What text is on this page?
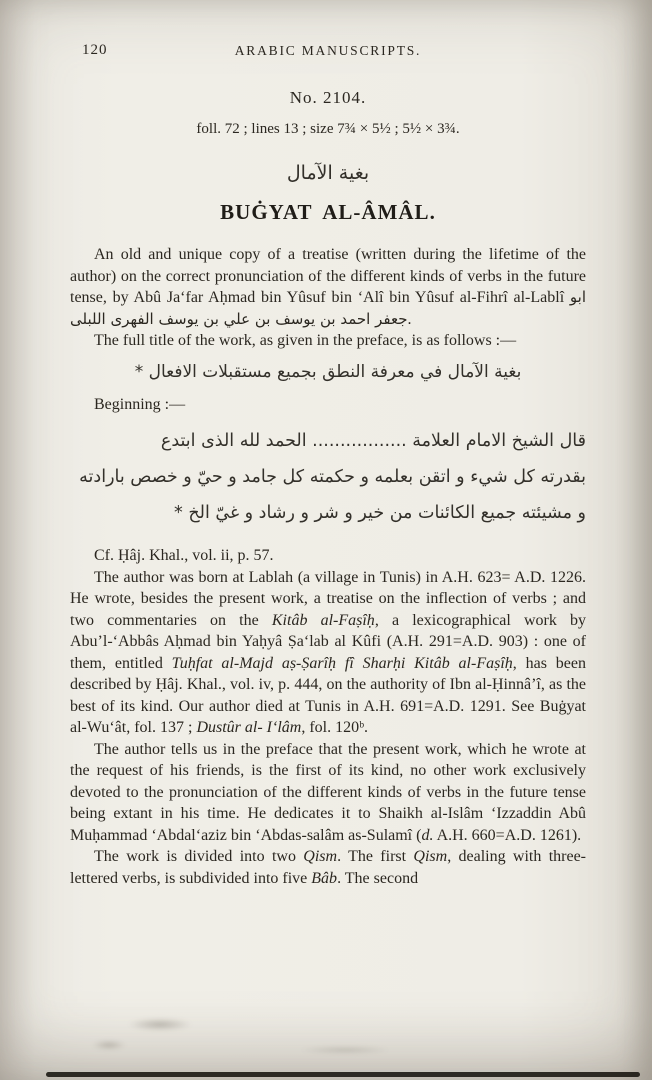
120	ARABIC MANUSCRIPTS.
No. 2104.
foll. 72 ; lines 13 ; size 7¾ × 5½ ; 5½ × 3¾.
بغية الآمال
BUĠYAT AL-ÂMÂL.

An old and unique copy of a treatise (written during the lifetime of the author) on the correct pronunciation of the different kinds of verbs in the future tense, by Abû Ja‘far Aḥmad bin Yûsuf bin ‘Alî bin Yûsuf al-Fihrî al-Lablî ابو جعفر احمد بن يوسف بن علي بن يوسف الفهرى اللبلى.

The full title of the work, as given in the preface, is as follows :—

بغية الآمال في معرفة النطق بجميع مستقبلات الافعال *

Beginning :—

قال الشيخ الامام العلامة ................. الحمد لله الذى ابتدع
بقدرته كل شيء و اتقن بعلمه و حكمته كل جامد و حيّ و خصص بارادته
و مشيئته جميع الكائنات من خير و شر و رشاد و غيّ الخ *

Cf. Ḥâj. Khal., vol. ii, p. 57.

The author was born at Lablah (a village in Tunis) in A.H. 623= A.D. 1226. He wrote, besides the present work, a treatise on the inflection of verbs ; and two commentaries on the Kitâb al-Faṣîḥ, a lexicographical work by Abu’l-‘Abbâs Aḥmad bin Yaḥyâ Ṣa‘lab al Kûfi (A.H. 291=A.D. 903) : one of them, entitled Tuḥfat al-Majd aṣ-Ṣarîḥ fî Sharḥi Kitâb al-Faṣîḥ, has been described by Ḥâj. Khal., vol. iv, p. 444, on the authority of Ibn al-Ḥinnâ’î, as the best of its kind. Our author died at Tunis in A.H. 691=A.D. 1291. See Buġyat al-Wu‘ât, fol. 137 ; Dustûr al- I‘lâm, fol. 120ᵇ.

The author tells us in the preface that the present work, which he wrote at the request of his friends, is the first of its kind, no other work exclusively devoted to the pronunciation of the different kinds of verbs in the future tense being extant in his time. He dedicates it to Shaikh al-Islâm ‘Izzaddin Abû Muḥammad ‘Abdal‘aziz bin ‘Abdas-salâm as-Sulamî (d. A.H. 660=A.D. 1261).

The work is divided into two Qism. The first Qism, dealing with three-lettered verbs, is subdivided into five Bâb. The second
